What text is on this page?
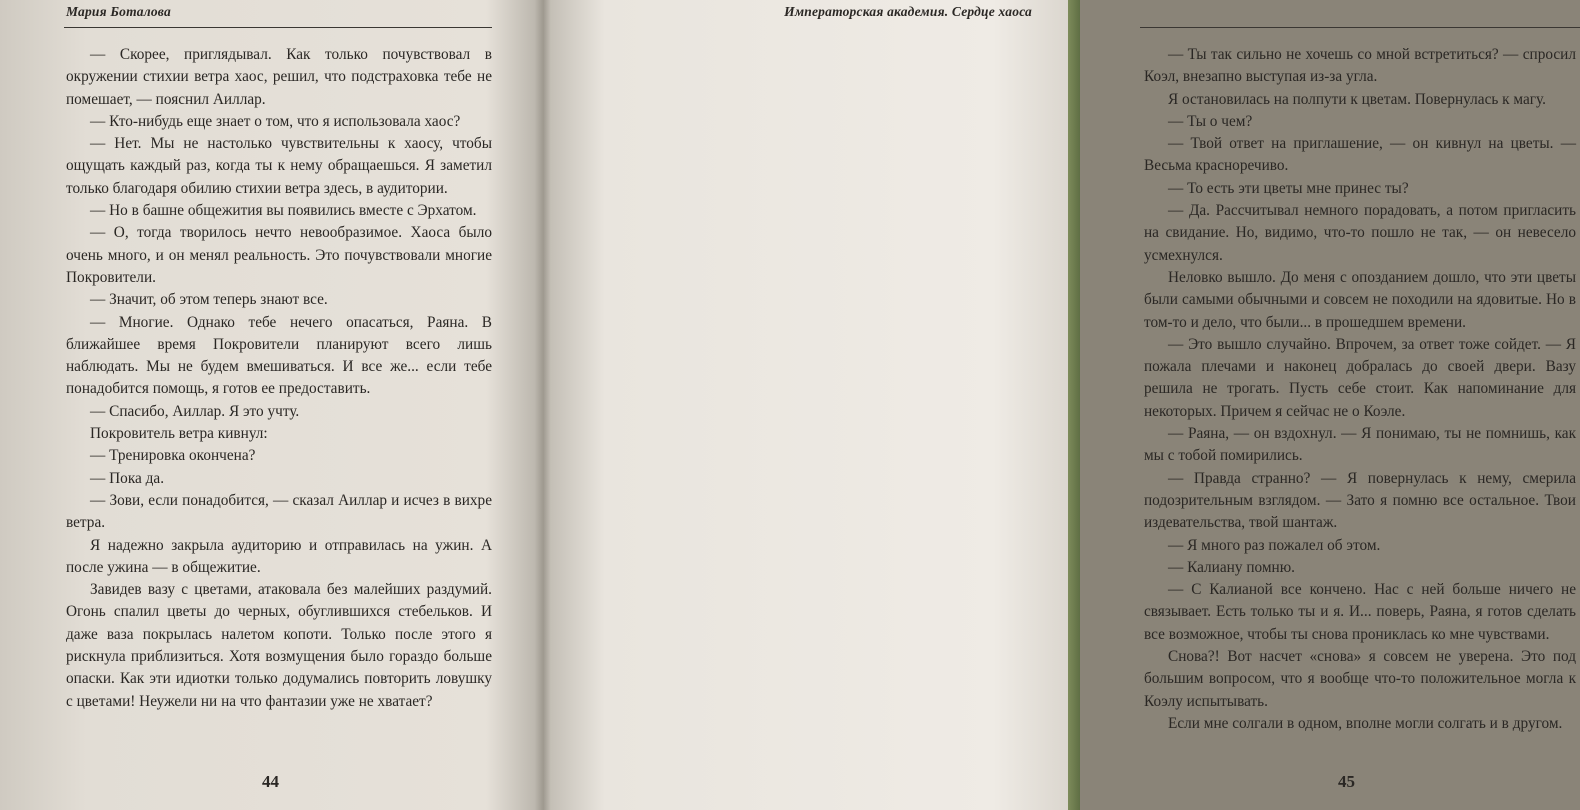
Мария Боталова

— Скорее, приглядывал. Как только почувствовал в окружении стихии ветра хаос, решил, что подстраховка тебе не помешает, — пояснил Аиллар.

— Кто-нибудь еще знает о том, что я использовала хаос?

— Нет. Мы не настолько чувствительны к хаосу, чтобы ощущать каждый раз, когда ты к нему обращаешься. Я заметил только благодаря обилию стихии ветра здесь, в аудитории.

— Но в башне общежития вы появились вместе с Эрхатом.

— О, тогда творилось нечто невообразимое. Хаоса было очень много, и он менял реальность. Это почувствовали многие Покровители.

— Значит, об этом теперь знают все.

— Многие. Однако тебе нечего опасаться, Раяна. В ближайшее время Покровители планируют всего лишь наблюдать. Мы не будем вмешиваться. И все же... если тебе понадобится помощь, я готов ее предоставить.

— Спасибо, Аиллар. Я это учту.

Покровитель ветра кивнул:

— Тренировка окончена?

— Пока да.

— Зови, если понадобится, — сказал Аиллар и исчез в вихре ветра.

Я надежно закрыла аудиторию и отправилась на ужин. А после ужина — в общежитие.

Завидев вазу с цветами, атаковала без малейших раздумий. Огонь спалил цветы до черных, обуглившихся стебельков. И даже ваза покрылась налетом копоти. Только после этого я рискнула приблизиться. Хотя возмущения было гораздо больше опаски. Как эти идиотки только додумались повторить ловушку с цветами! Неужели ни на что фантазии уже не хватает?

44
Императорская академия. Сердце хаоса

— Ты так сильно не хочешь со мной встретиться? — спросил Коэл, внезапно выступая из-за угла.

Я остановилась на полпути к цветам. Повернулась к магу.

— Ты о чем?

— Твой ответ на приглашение, — он кивнул на цветы. — Весьма красноречиво.

— То есть эти цветы мне принес ты?

— Да. Рассчитывал немного порадовать, а потом пригласить на свидание. Но, видимо, что-то пошло не так, — он невесело усмехнулся.

Неловко вышло. До меня с опозданием дошло, что эти цветы были самыми обычными и совсем не походили на ядовитые. Но в том-то и дело, что были... в прошедшем времени.

— Это вышло случайно. Впрочем, за ответ тоже сойдет. — Я пожала плечами и наконец добралась до своей двери. Вазу решила не трогать. Пусть себе стоит. Как напоминание для некоторых. Причем я сейчас не о Коэле.

— Раяна, — он вздохнул. — Я понимаю, ты не помнишь, как мы с тобой помирились.

— Правда странно? — Я повернулась к нему, смерила подозрительным взглядом. — Зато я помню все остальное. Твои издевательства, твой шантаж.

— Я много раз пожалел об этом.

— Калиану помню.

— С Калианой все кончено. Нас с ней больше ничего не связывает. Есть только ты и я. И... поверь, Раяна, я готов сделать все возможное, чтобы ты снова прониклась ко мне чувствами.

Снова?! Вот насчет «снова» я совсем не уверена. Это под большим вопросом, что я вообще что-то положительное могла к Коэлу испытывать.

Если мне солгали в одном, вполне могли солгать и в другом.

45
